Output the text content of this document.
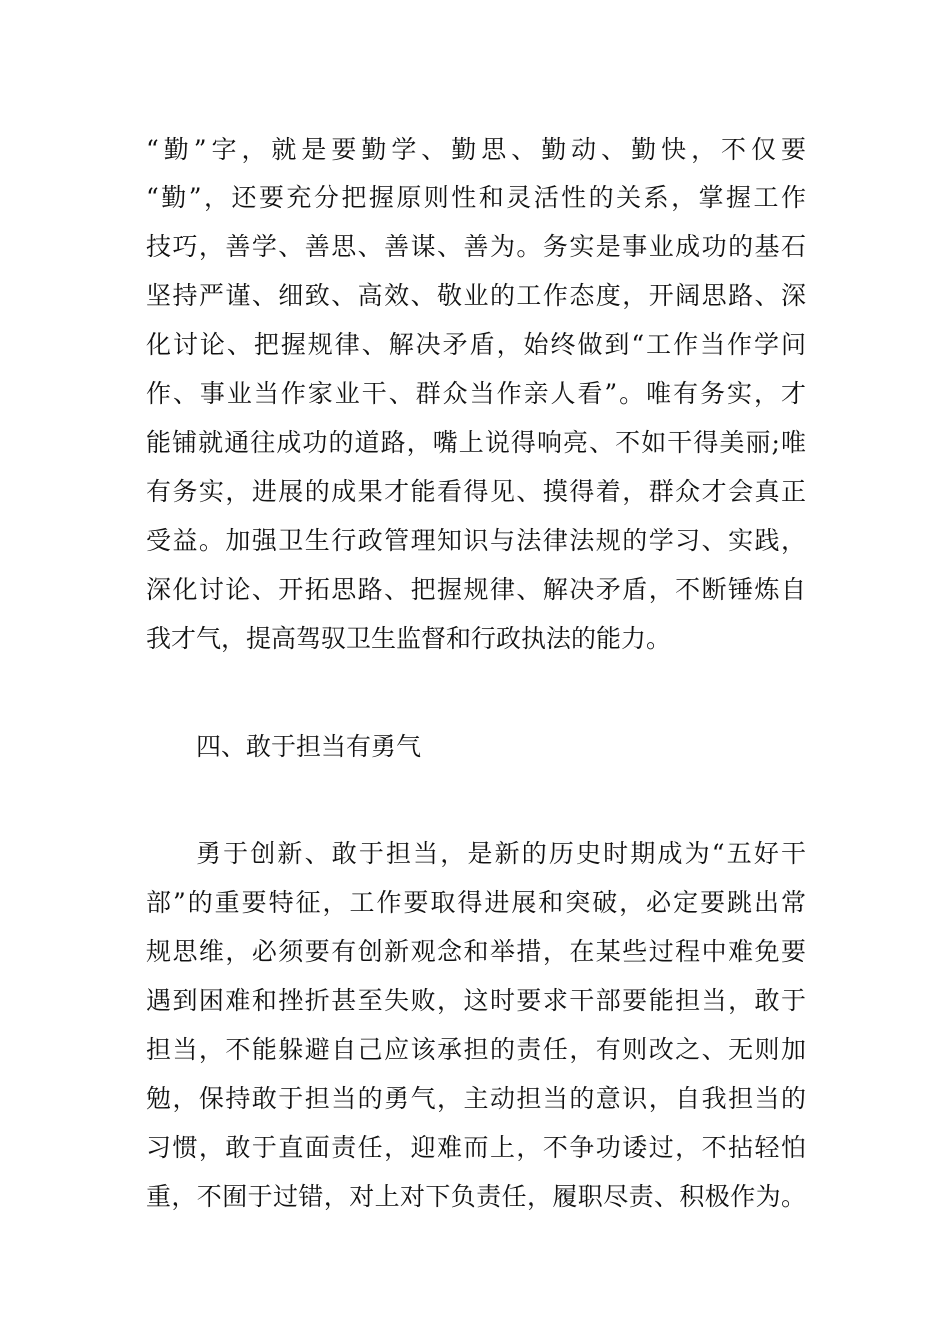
“勤”字，就是要勤学、勤思、勤动、勤快，不仅要
“勤”，还要充分把握原则性和灵活性的关系，掌握工作
技巧，善学、善思、善谋、善为。务实是事业成功的基石
坚持严谨、细致、高效、敬业的工作态度，开阔思路、深
化讨论、把握规律、解决矛盾，始终做到“工作当作学问
作、事业当作家业干、群众当作亲人看”。唯有务实，才
能铺就通往成功的道路，嘴上说得响亮、不如干得美丽;唯
有务实，进展的成果才能看得见、摸得着，群众才会真正
受益。加强卫生行政管理知识与法律法规的学习、实践，
深化讨论、开拓思路、把握规律、解决矛盾，不断锤炼自
我才气，提高驾驭卫生监督和行政执法的能力。
四、敢于担当有勇气
勇于创新、敢于担当，是新的历史时期成为“五好干
部”的重要特征，工作要取得进展和突破，必定要跳出常
规思维，必须要有创新观念和举措，在某些过程中难免要
遇到困难和挫折甚至失败，这时要求干部要能担当，敢于
担当，不能躲避自己应该承担的责任，有则改之、无则加
勉，保持敢于担当的勇气，主动担当的意识，自我担当的
习惯，敢于直面责任，迎难而上，不争功诿过，不拈轻怕
重，不囿于过错，对上对下负责任，履职尽责、积极作为。
